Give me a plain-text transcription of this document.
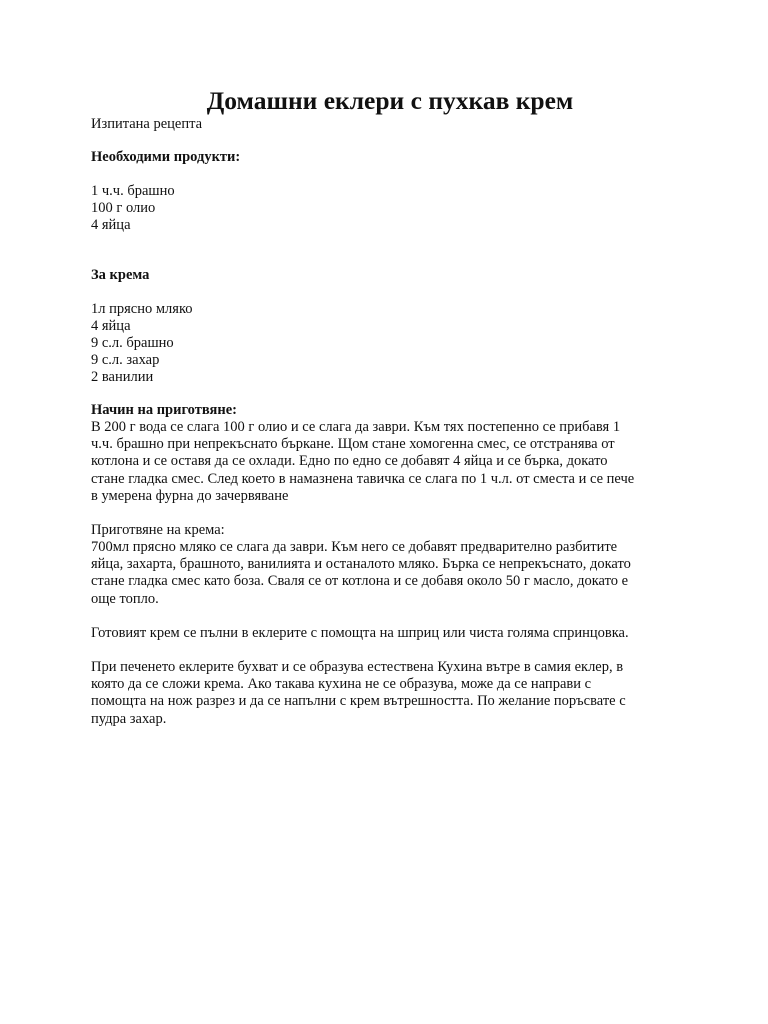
Домашни еклери с пухкав крем

Изпитана рецепта

Необходими продукти:

1 ч.ч. брашно

100 г олио

4 яйца

За крема

1л прясно мляко

4 яйца

9 с.л. брашно

9 с.л. захар

2 ванилии

Начин на приготвяне:

В 200 г вода се слага 100 г олио и се слага да заври. Към тях постепенно се прибавя 1

ч.ч. брашно при непрекъснато бъркане. Щом стане хомогенна смес, се отстранява от

котлона и се оставя да се охлади. Едно по едно се добавят 4 яйца и се бърка, докато

стане гладка смес. След което в намазнена тавичка се слага по 1 ч.л. от сместа и се пече

в умерена фурна до зачервяване

Приготвяне на крема:

700мл прясно мляко се слага да заври. Към него се добавят предварително разбитите

яйца, захарта, брашното, ванилията и останалото мляко. Бърка се непрекъснато, докато

стане гладка смес като боза. Сваля се от котлона и се добавя около 50 г масло, докато е

още топло.

Готовият крем се пълни в еклерите с помощта на шприц или чиста голяма спринцовка.

При печенето еклерите бухват и се образува естествена Кухина вътре в самия еклер, в

която да се сложи крема. Ако такава кухина не се образува, може да се направи с

помощта на нож разрез и да се напълни с крем вътрешността. По желание поръсвате с

пудра захар.
